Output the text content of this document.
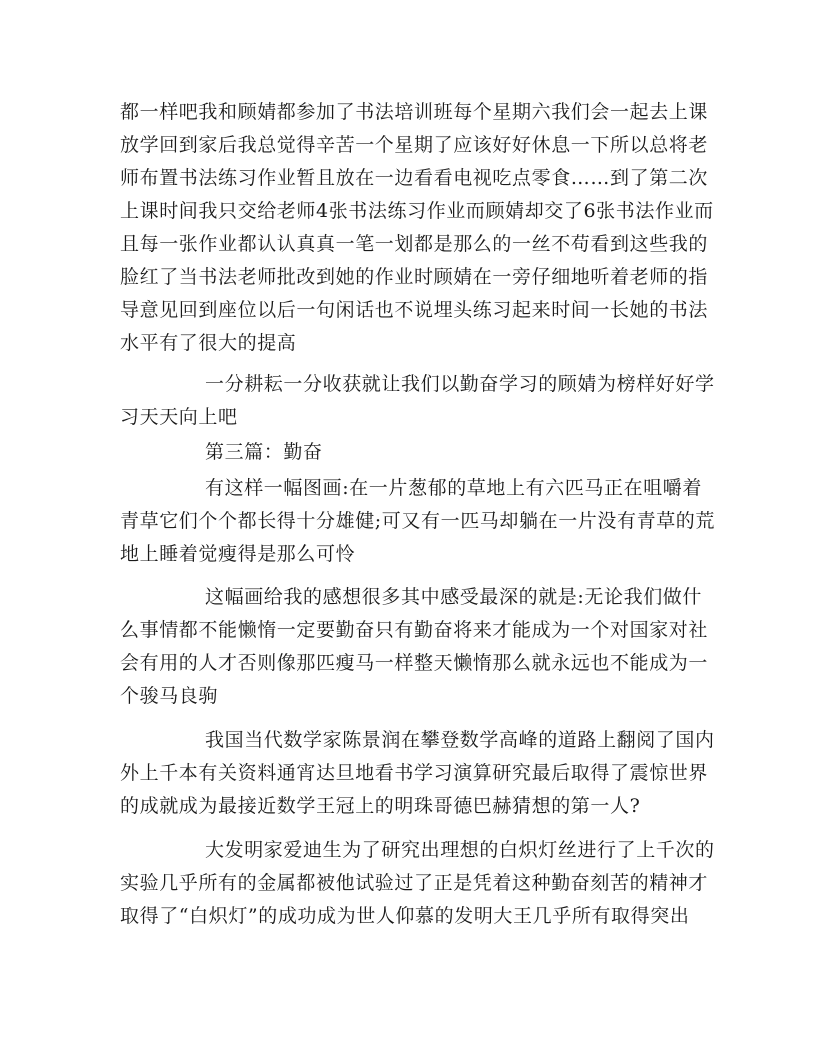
都一样吧我和顾婧都参加了书法培训班每个星期六我们会一起去上课
放学回到家后我总觉得辛苦一个星期了应该好好休息一下所以总将老
师布置书法练习作业暂且放在一边看看电视吃点零食……到了第二次
上课时间我只交给老师4张书法练习作业而顾婧却交了6张书法作业而
且每一张作业都认认真真一笔一划都是那么的一丝不苟看到这些我的
脸红了当书法老师批改到她的作业时顾婧在一旁仔细地听着老师的指
导意见回到座位以后一句闲话也不说埋头练习起来时间一长她的书法
水平有了很大的提高
一分耕耘一分收获就让我们以勤奋学习的顾婧为榜样好好学
习天天向上吧
第三篇：勤奋
有这样一幅图画:在一片葱郁的草地上有六匹马正在咀嚼着
青草它们个个都长得十分雄健;可又有一匹马却躺在一片没有青草的荒
地上睡着觉瘦得是那么可怜
这幅画给我的感想很多其中感受最深的就是:无论我们做什
么事情都不能懒惰一定要勤奋只有勤奋将来才能成为一个对国家对社
会有用的人才否则像那匹瘦马一样整天懒惰那么就永远也不能成为一
个骏马良驹
我国当代数学家陈景润在攀登数学高峰的道路上翻阅了国内
外上千本有关资料通宵达旦地看书学习演算研究最后取得了震惊世界
的成就成为最接近数学王冠上的明珠哥德巴赫猜想的第一人?
大发明家爱迪生为了研究出理想的白炽灯丝进行了上千次的
实验几乎所有的金属都被他试验过了正是凭着这种勤奋刻苦的精神才
取得了“白炽灯”的成功成为世人仰慕的发明大王几乎所有取得突出
